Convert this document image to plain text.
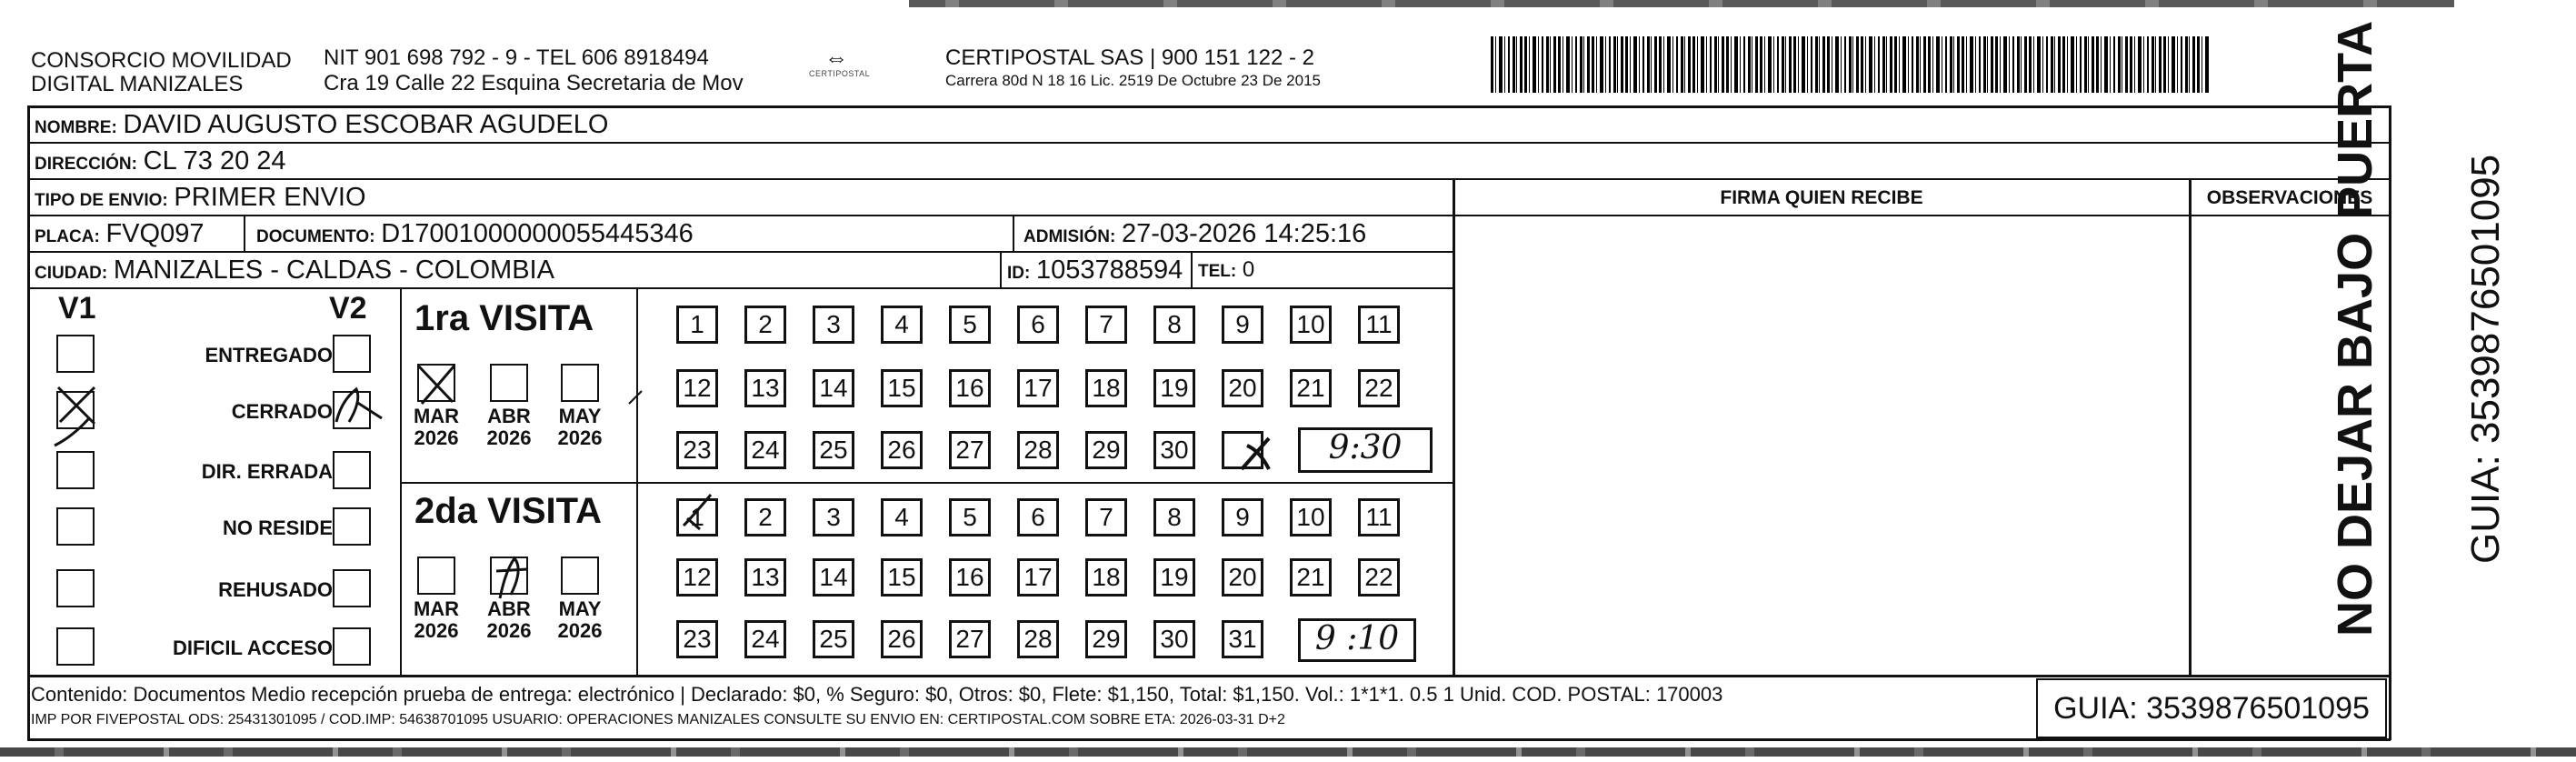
CONSORCIO MOVILIDAD
DIGITAL MANIZALES
NIT 901 698 792 - 9 - TEL 606 8918494
Cra 19 Calle 22 Esquina Secretaria de Mov
⇔
CERTIPOSTAL
CERTIPOSTAL SAS | 900 151 122 - 2
Carrera 80d N 18 16 Lic. 2519 De Octubre 23 De 2015
NOMBRE: DAVID AUGUSTO ESCOBAR AGUDELO
DIRECCIÓN: CL 73 20 24
TIPO DE ENVIO: PRIMER ENVIO	FIRMA QUIEN RECIBE	OBSERVACIONES
PLACA: FVQ097	DOCUMENTO: D17001000000055445346	ADMISIÓN: 27-03-2026 14:25:16
CIUDAD: MANIZALES - CALDAS - COLOMBIA	ID: 1053788594 TEL: 0
V1	V2
ENTREGADO
CERRADO
DIR. ERRADA
NO RESIDE
REHUSADO
DIFICIL ACCESO
1ra VISITA
2da VISITA
MAR
2026
ABR
2026
MAY
2026
MAR
2026
ABR
2026
MAY
2026
1	2	3	4	5	6	7	8	9	10	11
12 13 14 15 16 17 18 19 20 21 22
23 24 25 26 27 28 29 30
1	2	3	4	5	6	7	8	9	10	11
12 13 14 15 16 17 18 19 20 21 22
23 24 25 26 27 28 29 30 31
9:30
9 :10
Contenido: Documentos Medio recepción prueba de entrega: electrónico | Declarado: $0, % Seguro: $0, Otros: $0, Flete: $1,150, Total: $1,150. Vol.: 1*1*1. 0.5 1 Unid. COD. POSTAL: 170003
IMP POR FIVEPOSTAL ODS: 25431301095 / COD.IMP: 54638701095 USUARIO: OPERACIONES MANIZALES CONSULTE SU ENVIO EN: CERTIPOSTAL.COM SOBRE ETA: 2026-03-31 D+2	GUIA: 3539876501095
NO DEJAR BAJO PUERTA GUIA: 3539876501095
